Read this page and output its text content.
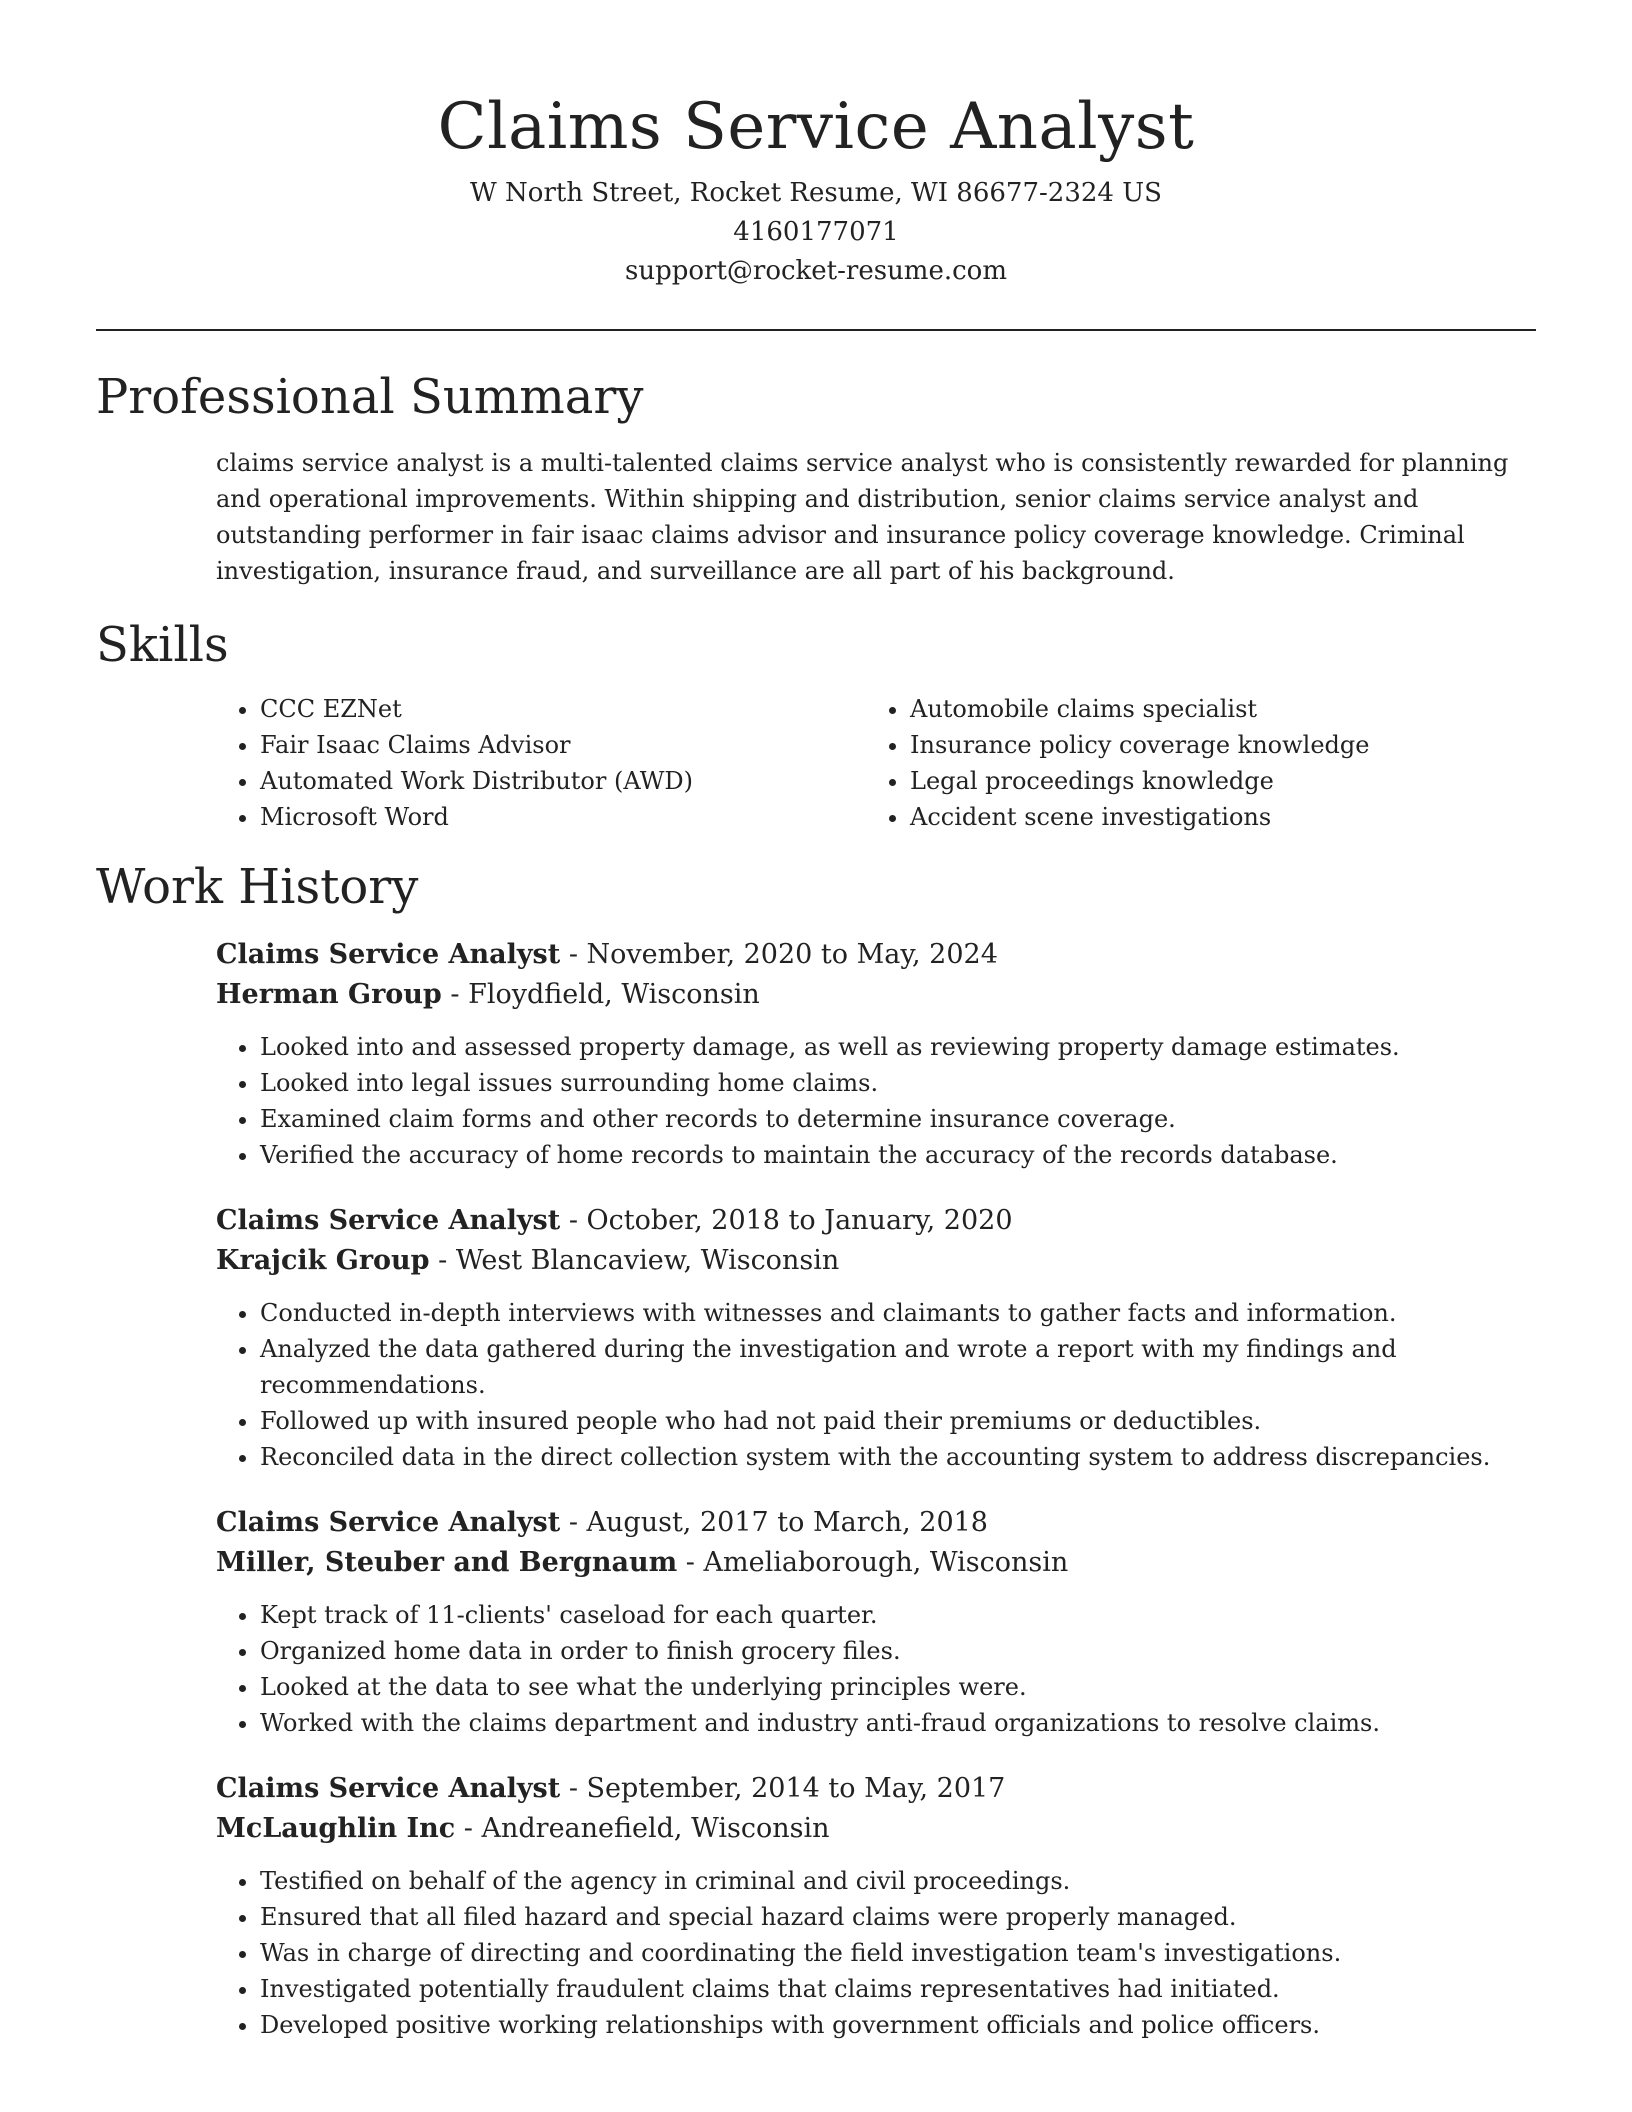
Claims Service Analyst

W North Street, Rocket Resume, WI 86677-2324 US

4160177071

support@rocket-resume.com

Professional Summary

claims service analyst is a multi-talented claims service analyst who is consistently rewarded for planning and operational improvements. Within shipping and distribution, senior claims service analyst and outstanding performer in fair isaac claims advisor and insurance policy coverage knowledge. Criminal investigation, insurance fraud, and surveillance are all part of his background.

Skills
• CCC EZNet
• Fair Isaac Claims Advisor
• Automated Work Distributor (AWD)
• Microsoft Word
• Automobile claims specialist
• Insurance policy coverage knowledge
• Legal proceedings knowledge
• Accident scene investigations
Work History

Claims Service Analyst - November, 2020 to May, 2024

Herman Group - Floydfield, Wisconsin

• Looked into and assessed property damage, as well as reviewing property damage estimates.
• Looked into legal issues surrounding home claims.
• Examined claim forms and other records to determine insurance coverage.
• Verified the accuracy of home records to maintain the accuracy of the records database.

Claims Service Analyst - October, 2018 to January, 2020

Krajcik Group - West Blancaview, Wisconsin

• Conducted in-depth interviews with witnesses and claimants to gather facts and information.
• Analyzed the data gathered during the investigation and wrote a report with my findings and recommendations.
• Followed up with insured people who had not paid their premiums or deductibles.
• Reconciled data in the direct collection system with the accounting system to address discrepancies.

Claims Service Analyst - August, 2017 to March, 2018

Miller, Steuber and Bergnaum - Ameliaborough, Wisconsin

• Kept track of 11-clients' caseload for each quarter.
• Organized home data in order to finish grocery files.
• Looked at the data to see what the underlying principles were.
• Worked with the claims department and industry anti-fraud organizations to resolve claims.

Claims Service Analyst - September, 2014 to May, 2017

McLaughlin Inc - Andreanefield, Wisconsin

• Testified on behalf of the agency in criminal and civil proceedings.
• Ensured that all filed hazard and special hazard claims were properly managed.
• Was in charge of directing and coordinating the field investigation team's investigations.
• Investigated potentially fraudulent claims that claims representatives had initiated.
• Developed positive working relationships with government officials and police officers.
